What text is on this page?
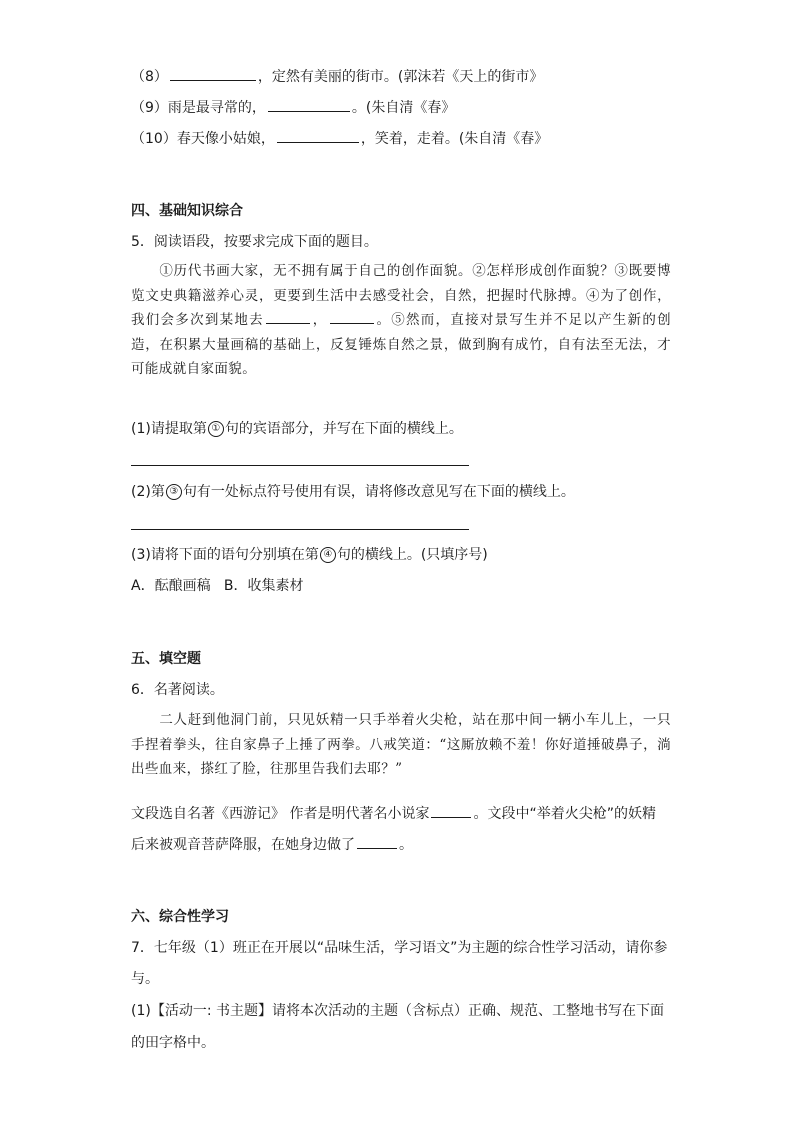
（8）	，定然有美丽的街市。(郭沫若《天上的街市》
（9）雨是最寻常的，	。(朱自清《春》
（10）春天像小姑娘，	，笑着，走着。(朱自清《春》
四、基础知识综合
5．阅读语段，按要求完成下面的题目。
①历代书画大家，无不拥有属于自己的创作面貌。②怎样形成创作面貌？③既要博览文史典籍滋养心灵，更要到生活中去感受社会，自然，把握时代脉搏。④为了创作，我们会多次到某地去	，	。⑤然而，直接对景写生并不足以产生新的创造，在积累大量画稿的基础上，反复锤炼自然之景，做到胸有成竹，自有法至无法，才可能成就自家面貌。
(1)请提取第 ① 句的宾语部分，并写在下面的横线上。
(2)第 ③ 句有一处标点符号使用有误，请将修改意见写在下面的横线上。
(3)请将下面的语句分别填在第 ④ 句的横线上。(只填序号)
A．酝酿画稿   B．收集素材
五、填空题
6．名著阅读。
二人赶到他洞门前，只见妖精一只手举着火尖枪，站在那中间一辆小车儿上，一只手捏着拳头，往自家鼻子上捶了两拳。八戒笑道：“这厮放赖不羞！你好道捶破鼻子，淌出些血来，搽红了脸，往那里告我们去耶？”
文段选自名著《西游记》 作者是明代著名小说家	。文段中“举着火尖枪”的妖精
后来被观音菩萨降服，在她身边做了	。
六、综合性学习
7．七年级（1）班正在开展以“品味生活，学习语文”为主题的综合性学习活动，请你参
与。
(1)【活动一: 书主题】请将本次活动的主题（含标点）正确、规范、工整地书写在下面
的田字格中。
